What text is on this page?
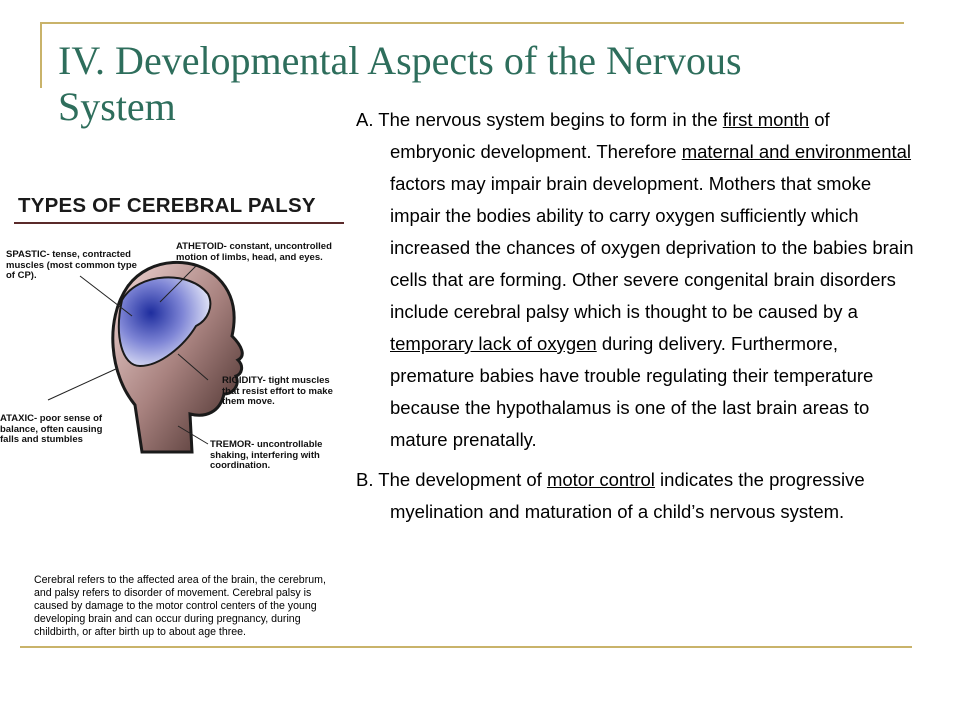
IV. Developmental Aspects of the Nervous System	A. The nervous system begins to form in the first month of embryonic development. Therefore maternal and environmental factors may impair brain development. Mothers that smoke impair the bodies ability to carry oxygen sufficiently which increased the chances of oxygen deprivation to the babies brain cells that are forming. Other severe congenital brain disorders include cerebral palsy which is thought to be caused by a temporary lack of oxygen during delivery. Furthermore, premature babies have trouble regulating their temperature because the hypothalamus is one of the last brain areas to mature prenatally.

B. The development of motor control indicates the progressive myelination and maturation of a child’s nervous system.

TYPES OF CEREBRAL PALSY
SPASTIC- tense, contracted muscles (most common type of CP).
ATHETOID- constant, uncontrolled motion of limbs, head, and eyes.
RIGIDITY- tight muscles that resist effort to make them move.
ATAXIC- poor sense of balance, often causing falls and stumbles	TREMOR- uncontrollable shaking, interfering with coordination.
Cerebral refers to the affected area of the brain, the cerebrum, and palsy refers to disorder of movement. Cerebral palsy is caused by damage to the motor control centers of the young developing brain and can occur during pregnancy, during childbirth, or after birth up to about age three.
